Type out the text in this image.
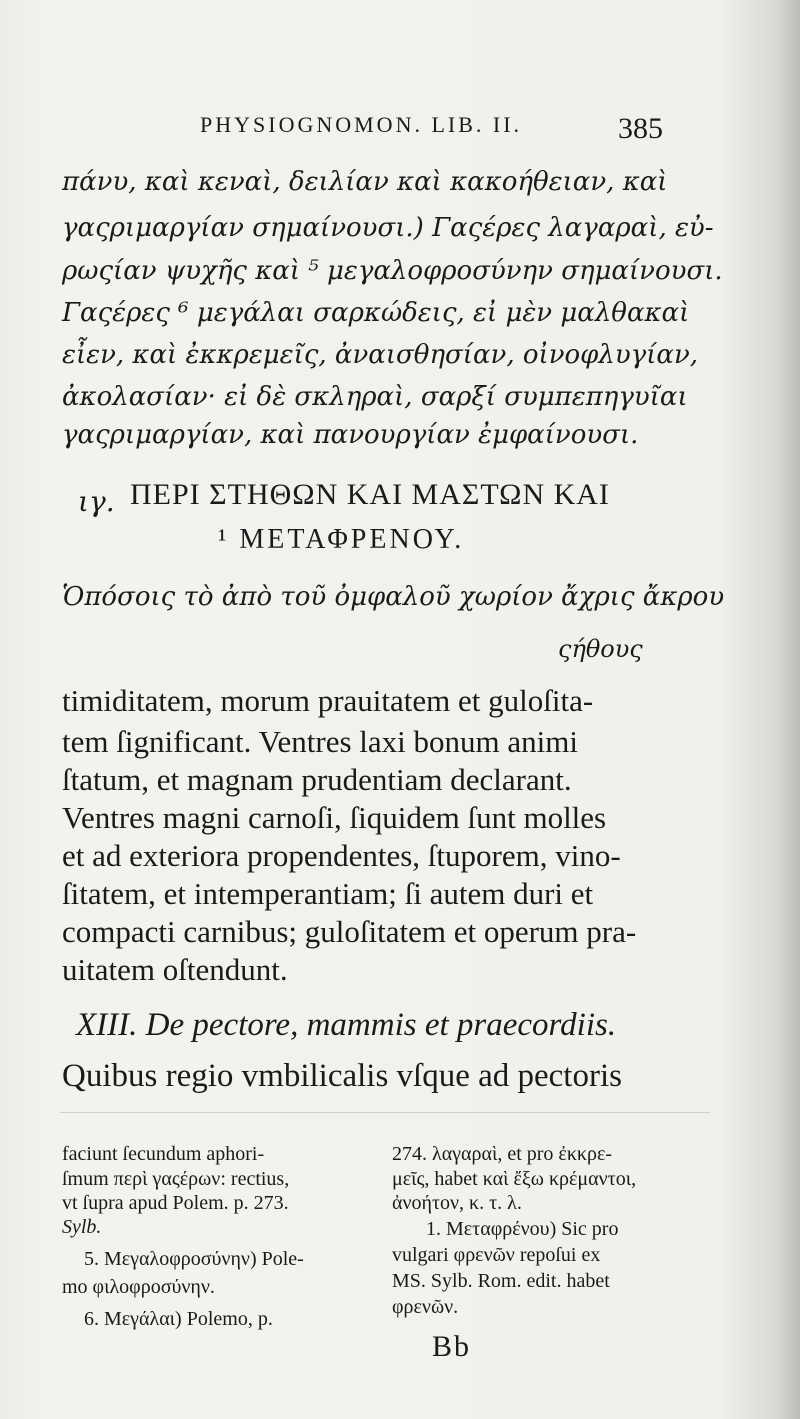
PHYSIOGNOMON. LIB. II.	385
πάνυ, καὶ κεναὶ, δειλίαν καὶ κακοήθειαν, καὶ
γαςριμαργίαν σημαίνουσι.) Γαςέρες λαγαραὶ, εὐ-
ρωςίαν ψυχῆς καὶ ⁵ μεγαλοφροσύνην σημαίνουσι.
Γαςέρες ⁶ μεγάλαι σαρκώδεις, εἰ μὲν μαλθακαὶ
εἶεν, καὶ ἐκκρεμεῖς, ἀναισθησίαν, οἰνοφλυγίαν,
ἀκολασίαν· εἰ δὲ σκληραὶ, σαρξί συμπεπηγυῖαι
γαςριμαργίαν, καὶ πανουργίαν ἐμφαίνουσι.
ιγ. ΠΕΡΙ ΣΤΗΘΩΝ ΚΑΙ ΜΑΣΤΩΝ ΚΑΙ
¹ ΜΕΤΑΦΡΕΝΟΥ.
Ὁπόσοις τὸ ἀπὸ τοῦ ὀμφαλοῦ χωρίον ἄχρις ἄκρου
ςήθους
timiditatem, morum prauitatem et guloſita-
tem ſignificant. Ventres laxi bonum animi
ſtatum, et magnam prudentiam declarant.
Ventres magni carnoſi, ſiquidem ſunt molles
et ad exteriora propendentes, ſtuporem, vino-
ſitatem, et intemperantiam; ſi autem duri et
compacti carnibus; guloſitatem et operum pra-
uitatem oſtendunt.
XIII. De pectore, mammis et praecordiis.
Quibus regio vmbilicalis vſque ad pectoris
faciunt ſecundum aphori-
ſmum περὶ γαςέρων: rectius,
vt ſupra apud Polem. p. 273.
Sylb.
5. Μεγαλοφροσύνην) Pole-
mo φιλοφροσύνην.
6. Μεγάλαι) Polemo, p.
274. λαγαραὶ, et pro ἐκκρε-
μεῖς, habet καὶ ἔξω κρέμαντοι,
ἀνοήτον, κ. τ. λ.
1. Μεταφρένου) Sic pro
vulgari φρενῶν repoſui ex
MS. Sylb. Rom. edit. habet
φρενῶν.
Bb
